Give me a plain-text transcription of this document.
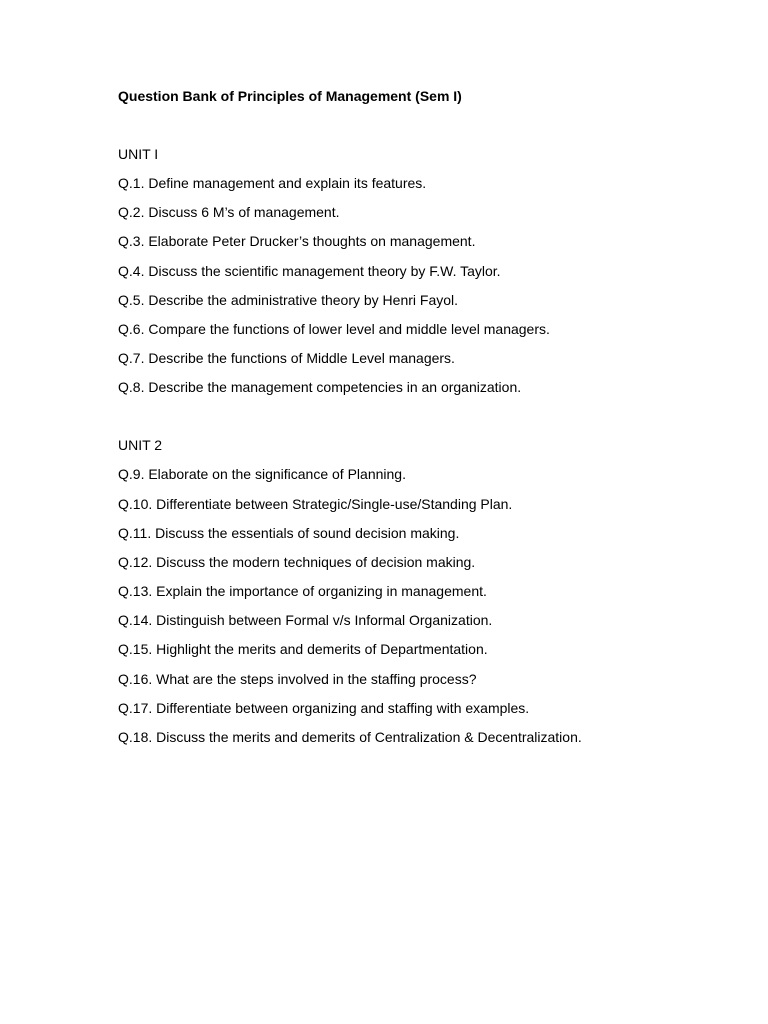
Question Bank of Principles of Management (Sem I)

UNIT I

Q.1. Define management and explain its features.
Q.2. Discuss 6 M’s of management.
Q.3. Elaborate Peter Drucker’s thoughts on management.
Q.4. Discuss the scientific management theory by F.W. Taylor.
Q.5. Describe the administrative theory by Henri Fayol.
Q.6. Compare the functions of lower level and middle level managers.
Q.7. Describe the functions of Middle Level managers.
Q.8. Describe the management competencies in an organization.

UNIT 2

Q.9. Elaborate on the significance of Planning.
Q.10. Differentiate between Strategic/Single-use/Standing Plan.
Q.11. Discuss the essentials of sound decision making.
Q.12. Discuss the modern techniques of decision making.
Q.13. Explain the importance of organizing in management.
Q.14. Distinguish between Formal v/s Informal Organization.
Q.15. Highlight the merits and demerits of Departmentation.
Q.16. What are the steps involved in the staffing process?
Q.17. Differentiate between organizing and staffing with examples.
Q.18. Discuss the merits and demerits of Centralization & Decentralization.
